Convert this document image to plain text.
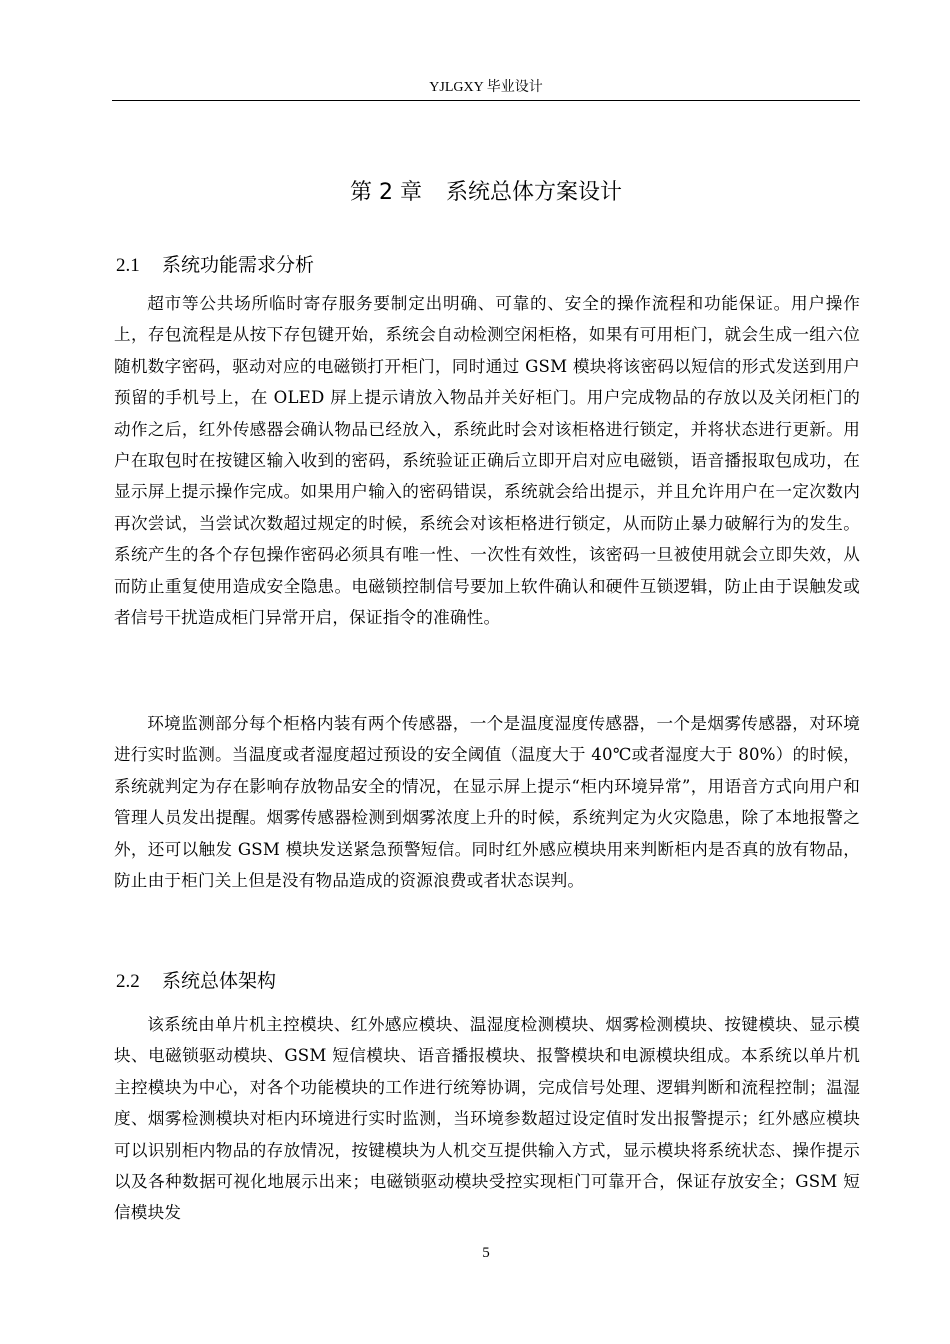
YJLGXY 毕业设计
第 2 章 系统总体方案设计
2.1 系统功能需求分析

超市等公共场所临时寄存服务要制定出明确、可靠的、安全的操作流程和功能保证。用户操作上，存包流程是从按下存包键开始，系统会自动检测空闲柜格，如果有可用柜门，就会生成一组六位随机数字密码，驱动对应的电磁锁打开柜门，同时通过 GSM 模块将该密码以短信的形式发送到用户预留的手机号上，在 OLED 屏上提示请放入物品并关好柜门。用户完成物品的存放以及关闭柜门的动作之后，红外传感器会确认物品已经放入，系统此时会对该柜格进行锁定，并将状态进行更新。用户在取包时在按键区输入收到的密码，系统验证正确后立即开启对应电磁锁，语音播报取包成功，在显示屏上提示操作完成。如果用户输入的密码错误，系统就会给出提示，并且允许用户在一定次数内再次尝试，当尝试次数超过规定的时候，系统会对该柜格进行锁定，从而防止暴力破解行为的发生。系统产生的各个存包操作密码必须具有唯一性、一次性有效性，该密码一旦被使用就会立即失效，从而防止重复使用造成安全隐患。电磁锁控制信号要加上软件确认和硬件互锁逻辑，防止由于误触发或者信号干扰造成柜门异常开启，保证指令的准确性。

环境监测部分每个柜格内装有两个传感器，一个是温度湿度传感器，一个是烟雾传感器，对环境进行实时监测。当温度或者湿度超过预设的安全阈值（温度大于 40℃或者湿度大于 80%）的时候，系统就判定为存在影响存放物品安全的情况，在显示屏上提示“柜内环境异常”，用语音方式向用户和管理人员发出提醒。烟雾传感器检测到烟雾浓度上升的时候，系统判定为火灾隐患，除了本地报警之外，还可以触发 GSM 模块发送紧急预警短信。同时红外感应模块用来判断柜内是否真的放有物品，防止由于柜门关上但是没有物品造成的资源浪费或者状态误判。

2.2 系统总体架构

该系统由单片机主控模块、红外感应模块、温湿度检测模块、烟雾检测模块、按键模块、显示模块、电磁锁驱动模块、GSM 短信模块、语音播报模块、报警模块和电源模块组成。本系统以单片机主控模块为中心，对各个功能模块的工作进行统筹协调，完成信号处理、逻辑判断和流程控制；温湿度、烟雾检测模块对柜内环境进行实时监测，当环境参数超过设定值时发出报警提示；红外感应模块可以识别柜内物品的存放情况，按键模块为人机交互提供输入方式，显示模块将系统状态、操作提示以及各种数据可视化地展示出来；电磁锁驱动模块受控实现柜门可靠开合，保证存放安全；GSM 短信模块发

5
